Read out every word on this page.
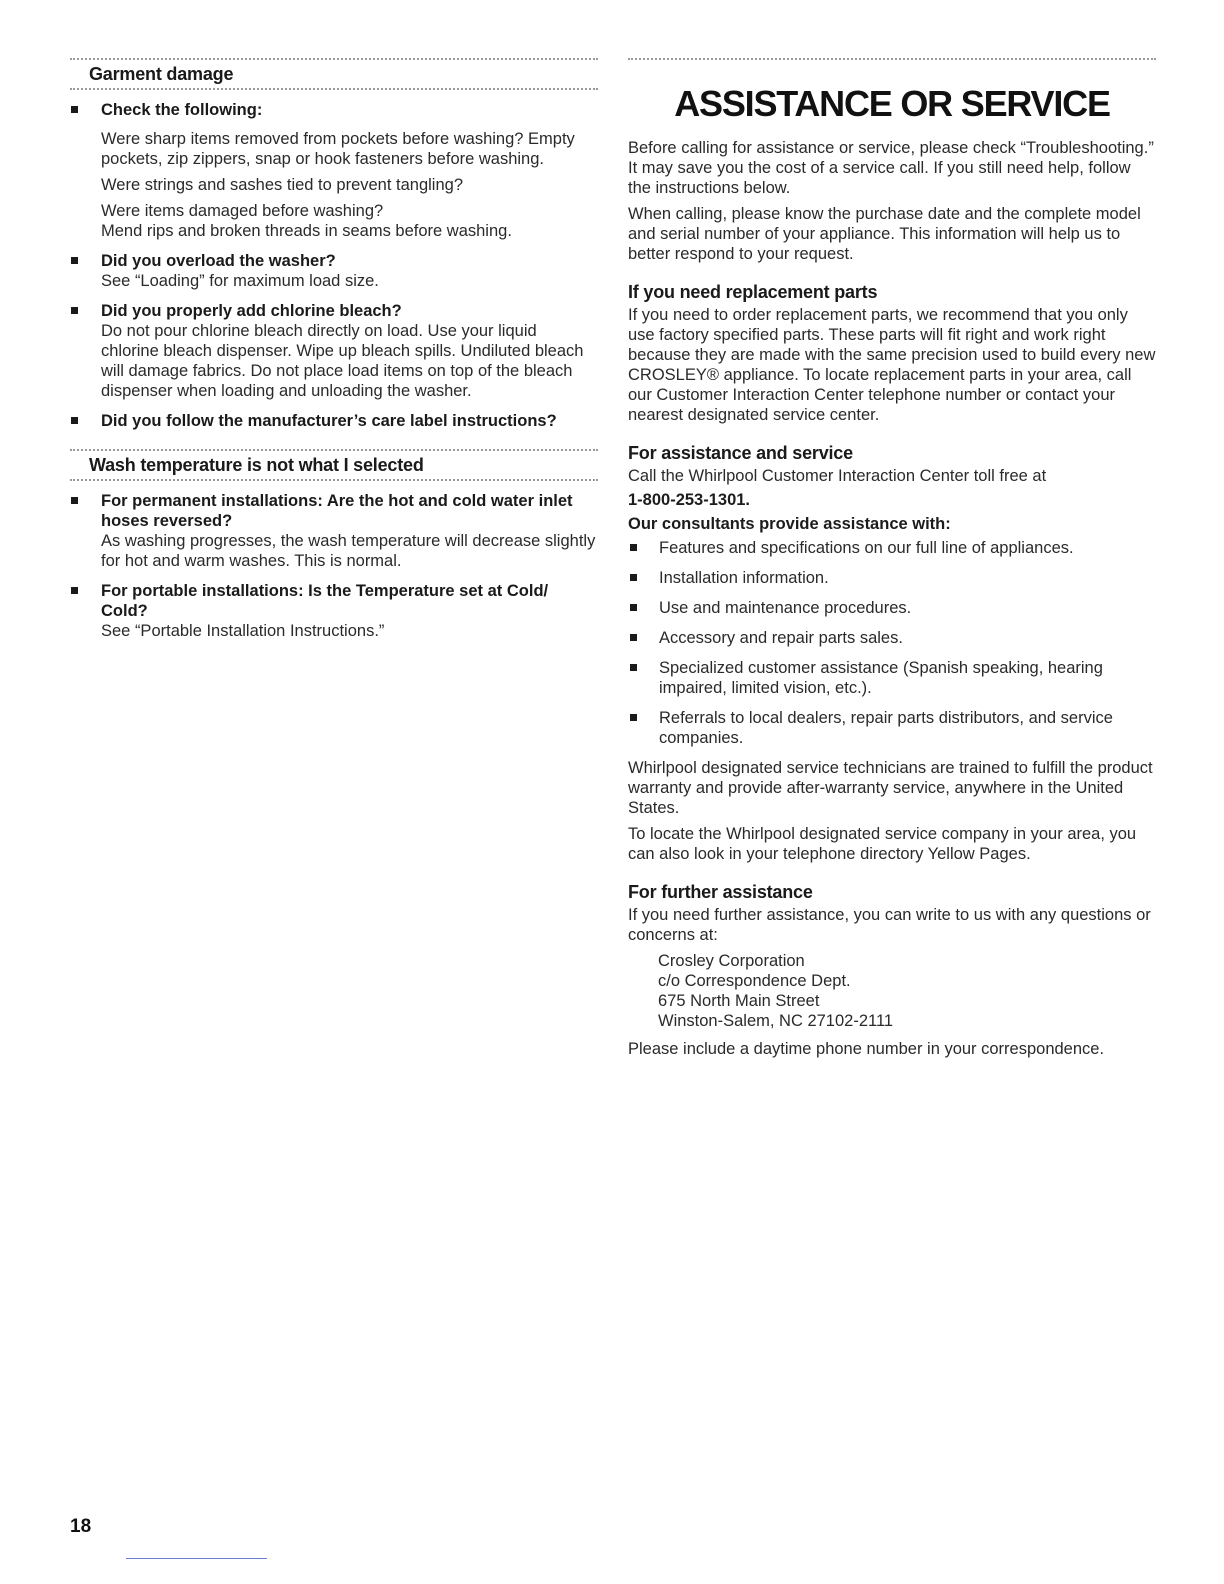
Garment damage
Check the following:

Were sharp items removed from pockets before washing? Empty pockets, zip zippers, snap or hook fasteners before washing.

Were strings and sashes tied to prevent tangling?

Were items damaged before washing?
Mend rips and broken threads in seams before washing.

Did you overload the washer?

See “Loading” for maximum load size.

Did you properly add chlorine bleach?

Do not pour chlorine bleach directly on load. Use your liquid chlorine bleach dispenser. Wipe up bleach spills. Undiluted bleach will damage fabrics. Do not place load items on top of the bleach dispenser when loading and unloading the washer.

Did you follow the manufacturer’s care label instructions?
Wash temperature is not what I selected
For permanent installations: Are the hot and cold water inlet hoses reversed?

As washing progresses, the wash temperature will decrease slightly for hot and warm washes. This is normal.

For portable installations: Is the Temperature set at Cold/ Cold?

See “Portable Installation Instructions.”

ASSISTANCE OR SERVICE

Before calling for assistance or service, please check “Troubleshooting.” It may save you the cost of a service call. If you still need help, follow the instructions below.

When calling, please know the purchase date and the complete model and serial number of your appliance. This information will help us to better respond to your request.

If you need replacement parts

If you need to order replacement parts, we recommend that you only use factory specified parts. These parts will fit right and work right because they are made with the same precision used to build every new CROSLEY® appliance. To locate replacement parts in your area, call our Customer Interaction Center telephone number or contact your nearest designated service center.

For assistance and service

Call the Whirlpool Customer Interaction Center toll free at

1-800-253-1301.
Our consultants provide assistance with:
Features and specifications on our full line of appliances.
Installation information.
Use and maintenance procedures.
Accessory and repair parts sales.
Specialized customer assistance (Spanish speaking, hearing impaired, limited vision, etc.).
Referrals to local dealers, repair parts distributors, and service companies.

Whirlpool designated service technicians are trained to fulfill the product warranty and provide after-warranty service, anywhere in the United States.

To locate the Whirlpool designated service company in your area, you can also look in your telephone directory Yellow Pages.

For further assistance

If you need further assistance, you can write to us with any questions or concerns at:

Crosley Corporation
c/o Correspondence Dept.
675 North Main Street
Winston-Salem, NC 27102-2111

Please include a daytime phone number in your correspondence.

18
